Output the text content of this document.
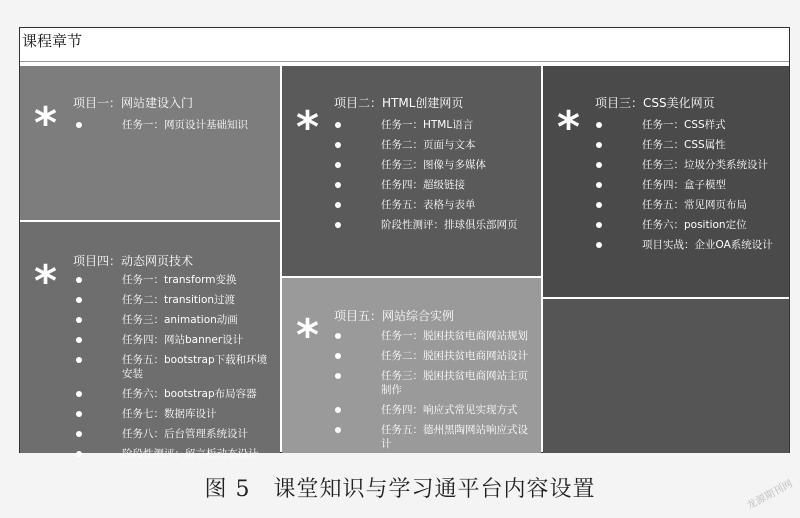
课程章节
* 项目一：网站建设入门
任务一：网页设计基础知识
* 项目四：动态网页技术
任务一：transform变换
任务二：transition过渡
任务三：animation动画
任务四：网站banner设计
任务五：bootstrap下载和环境安装
任务六：bootstrap布局容器
任务七：数据库设计
任务八：后台管理系统设计
阶段性测评：留言板动态设计
* 项目二：HTML创建网页
任务一：HTML语言
任务二：页面与文本
任务三：图像与多媒体
任务四：超级链接
任务五：表格与表单
阶段性测评：排球俱乐部网页
* 项目五：网站综合实例
任务一：脱困扶贫电商网站规划
任务二：脱困扶贫电商网站设计
任务三：脱困扶贫电商网站主页制作
任务四：响应式常见实现方式
任务五：德州黑陶网站响应式设计
* 项目三：CSS美化网页
任务一：CSS样式
任务二：CSS属性
任务三：垃圾分类系统设计
任务四：盒子模型
任务五：常见网页布局
任务六：position定位
项目实战：企业OA系统设计
图 5　课堂知识与学习通平台内容设置	龙源期刊网
